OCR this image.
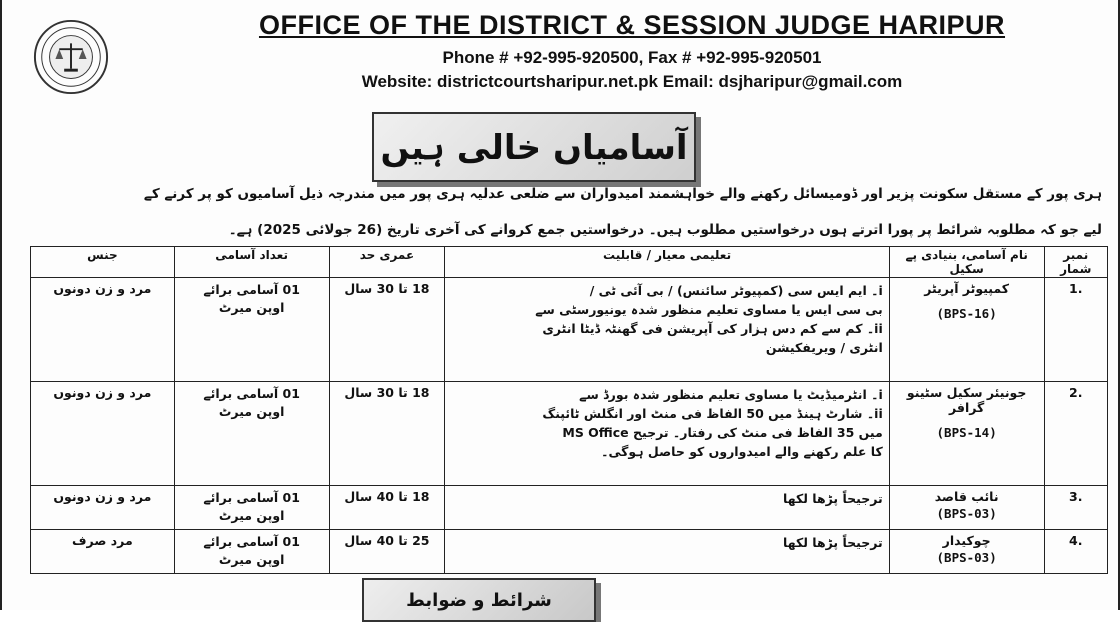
OFFICE OF THE DISTRICT & SESSION JUDGE HARIPUR
Phone # +92-995-920500, Fax # +92-995-920501
Website: districtcourtsharipur.net.pk Email: dsjharipur@gmail.com
آسامیاں خالی ہیں
ہری پور کے مستقل سکونت پزیر اور ڈومیسائل رکھنے والے خواہشمند امیدواران سے ضلعی عدلیہ ہری پور میں مندرجہ ذیل آسامیوں کو پر کرنے کے
لیے جو کہ مطلوبہ شرائط پر پورا اترتے ہوں درخواستیں مطلوب ہیں۔ درخواستیں جمع کروانے کی آخری تاریخ (26 جولائی 2025) ہے۔
نمبر شمار	نام آسامی، بنیادی پے سکیل	تعلیمی معیار / قابلیت	عمری حد	تعداد آسامی	جنس
.1	کمپیوٹر آپریٹر
(BPS-16)	i۔ ایم ایس سی (کمپیوٹر سائنس) / بی آئی ٹی /
بی سی ایس یا مساوی تعلیم منظور شدہ یونیورسٹی سے
ii۔ کم سے کم دس ہزار کی آپریشن فی گھنٹہ ڈیٹا انٹری
انٹری / ویریفکیشن	18 تا 30 سال	01 آسامی برائے
اوپن میرٹ	مرد و زن دونوں
.2	جونیئر سکیل سٹینو گرافر
(BPS-14)	i۔ انٹرمیڈیٹ یا مساوی تعلیم منظور شدہ بورڈ سے
ii۔ شارٹ ہینڈ میں 50 الفاظ فی منٹ اور انگلش ٹائپنگ
میں 35 الفاظ فی منٹ کی رفتار۔ ترجیح MS Office
کا علم رکھنے والے امیدواروں کو حاصل ہوگی۔	18 تا 30 سال	01 آسامی برائے
اوپن میرٹ	مرد و زن دونوں
.3	نائب قاصد
(BPS-03)	ترجیحاً پڑھا لکھا	18 تا 40 سال	01 آسامی برائے
اوپن میرٹ	مرد و زن دونوں
.4	چوکیدار
(BPS-03)	ترجیحاً پڑھا لکھا	25 تا 40 سال	01 آسامی برائے
اوپن میرٹ	مرد صرف
شرائط و ضوابط
